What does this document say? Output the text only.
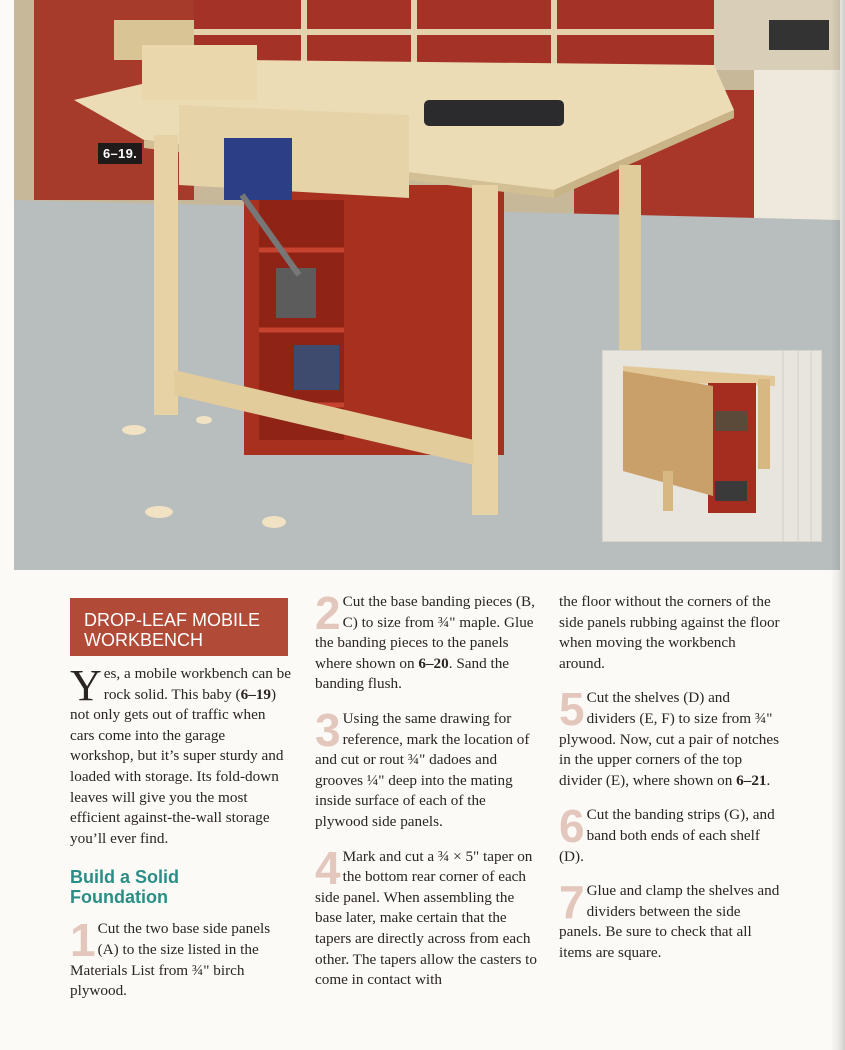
6–19.
DROP-LEAF MOBILE
WORKBENCH

Yes, a mobile workbench can be rock solid. This baby (6–19) not only gets out of traffic when cars come into the garage workshop, but it’s super sturdy and loaded with storage. Its fold-down leaves will give you the most efficient against-the-wall storage you’ll ever find.

Build a Solid
Foundation
1 Cut the two base side panels (A) to the size listed in the Materials List from ¾" birch plywood.

2 Cut the base banding pieces (B, C) to size from ¾" maple. Glue the banding pieces to the panels where shown on 6–20. Sand the banding flush.

3 Using the same drawing for reference, mark the location of and cut or rout ¾" dadoes and grooves ¼" deep into the mating inside surface of each of the plywood side panels.

4 Mark and cut a ¾ × 5" taper on the bottom rear corner of each side panel. When assembling the base later, make certain that the tapers are directly across from each other. The tapers allow the casters to come in contact with

the floor without the corners of the side panels rubbing against the floor when moving the workbench around.

5 Cut the shelves (D) and dividers (E, F) to size from ¾" plywood. Now, cut a pair of notches in the upper corners of the top divider (E), where shown on 6–21.

6 Cut the banding strips (G), and band both ends of each shelf (D).

7 Glue and clamp the shelves and dividers between the side panels. Be sure to check that all items are square.
